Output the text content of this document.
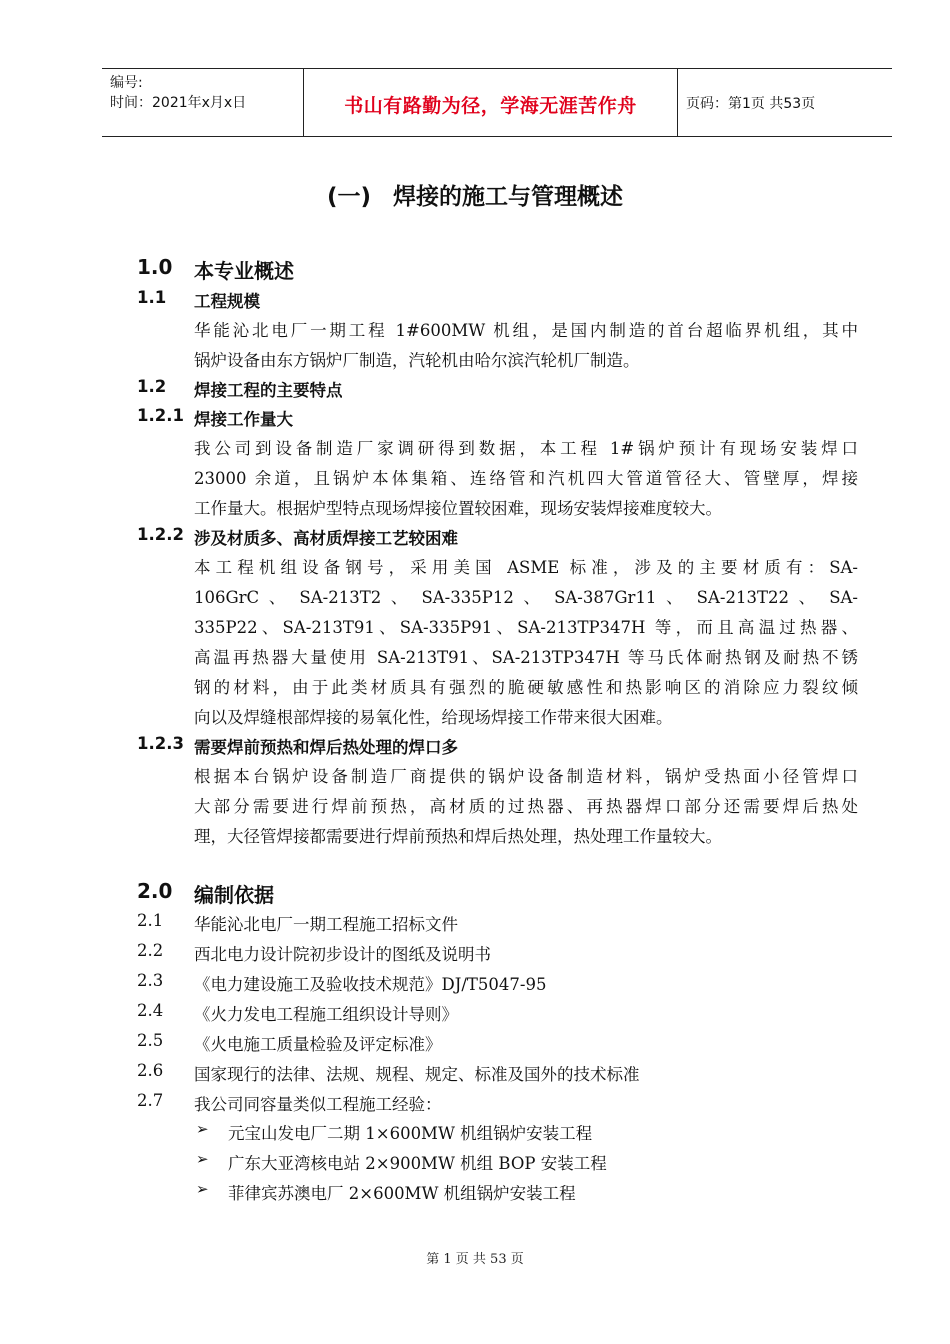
编号:
时间：2021年x月x日	书山有路勤为径，学海无涯苦作舟	页码：第1页 共53页
(一) 焊接的施工与管理概述
1.0 本专业概述
1.1 工程规模
华能沁北电厂一期工程 1#600MW 机组，是国内制造的首台超临界机组，其中
锅炉设备由东方锅炉厂制造，汽轮机由哈尔滨汽轮机厂制造。
1.2 焊接工程的主要特点
1.2.1 焊接工作量大
我公司到设备制造厂家调研得到数据，本工程 1#锅炉预计有现场安装焊口
23000 余道，且锅炉本体集箱、连络管和汽机四大管道管径大、管壁厚，焊接
工作量大。根据炉型特点现场焊接位置较困难，现场安装焊接难度较大。
1.2.2 涉及材质多、高材质焊接工艺较困难
本工程机组设备钢号，采用美国 ASME 标准，涉及的主要材质有：SA-
106GrC 、 SA-213T2 、 SA-335P12 、 SA-387Gr11 、 SA-213T22 、 SA-
335P22、SA-213T91、SA-335P91、SA-213TP347H 等，而且高温过热器、
高温再热器大量使用 SA-213T91、SA-213TP347H 等马氏体耐热钢及耐热不锈
钢的材料，由于此类材质具有强烈的脆硬敏感性和热影响区的消除应力裂纹倾
向以及焊缝根部焊接的易氧化性，给现场焊接工作带来很大困难。
1.2.3 需要焊前预热和焊后热处理的焊口多
根据本台锅炉设备制造厂商提供的锅炉设备制造材料，锅炉受热面小径管焊口
大部分需要进行焊前预热，高材质的过热器、再热器焊口部分还需要焊后热处
理，大径管焊接都需要进行焊前预热和焊后热处理，热处理工作量较大。
2.0 编制依据
2.1 华能沁北电厂一期工程施工招标文件
2.2 西北电力设计院初步设计的图纸及说明书
2.3 《电力建设施工及验收技术规范》DJ/T5047-95
2.4 《火力发电工程施工组织设计导则》
2.5 《火电施工质量检验及评定标准》
2.6 国家现行的法律、法规、规程、规定、标准及国外的技术标准
2.7 我公司同容量类似工程施工经验：
➢ 元宝山发电厂二期 1×600MW 机组锅炉安装工程
➢ 广东大亚湾核电站 2×900MW 机组 BOP 安装工程
➢ 菲律宾苏澳电厂 2×600MW 机组锅炉安装工程
第 1 页 共 53 页
